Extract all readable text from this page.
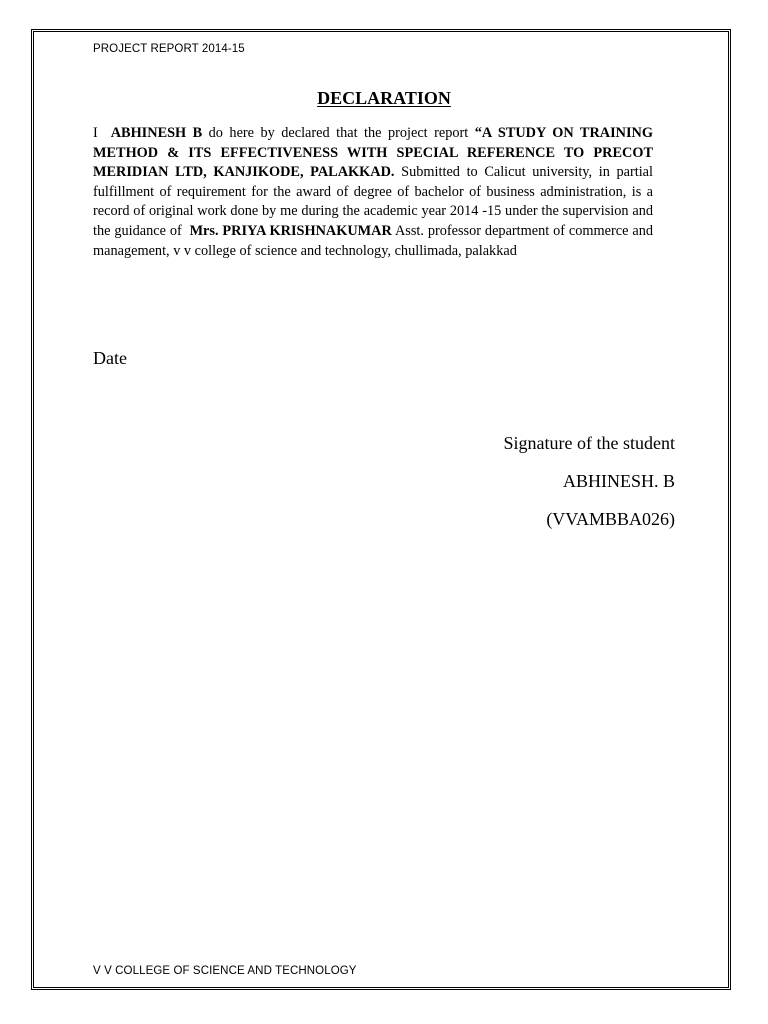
PROJECT REPORT 2014-15
DECLARATION
I ABHINESH B do here by declared that the project report “A STUDY ON TRAINING METHOD & ITS EFFECTIVENESS WITH SPECIAL REFERENCE TO PRECOT MERIDIAN LTD, KANJIKODE, PALAKKAD. Submitted to Calicut university, in partial fulfillment of requirement for the award of degree of bachelor of business administration, is a record of original work done by me during the academic year 2014 -15 under the supervision and the guidance of Mrs. PRIYA KRISHNAKUMAR Asst. professor department of commerce and management, v v college of science and technology, chullimada, palakkad
Date
Signature of the student
ABHINESH. B
(VVAMBBA026)
V V COLLEGE OF SCIENCE AND TECHNOLOGY
